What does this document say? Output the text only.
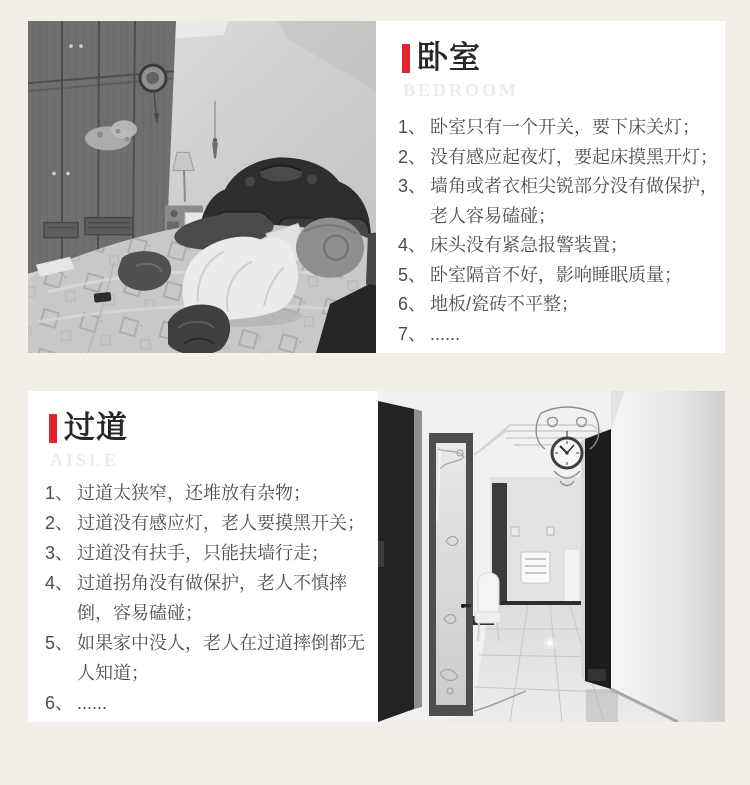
卧室
BEDROOM
1、 卧室只有一个开关，要下床关灯；
2、 没有感应起夜灯，要起床摸黑开灯；
3、 墙角或者衣柜尖锐部分没有做保护，老人容易磕碰；
4、 床头没有紧急报警装置；
5、 卧室隔音不好，影响睡眠质量；
6、 地板/瓷砖不平整；
7、 ......
过道
AISLE
1、 过道太狭窄，还堆放有杂物；
2、 过道没有感应灯，老人要摸黑开关；
3、 过道没有扶手，只能扶墙行走；
4、 过道拐角没有做保护，老人不慎摔倒，容易磕碰；
5、 如果家中没人，老人在过道摔倒都无人知道；
6、 ......
